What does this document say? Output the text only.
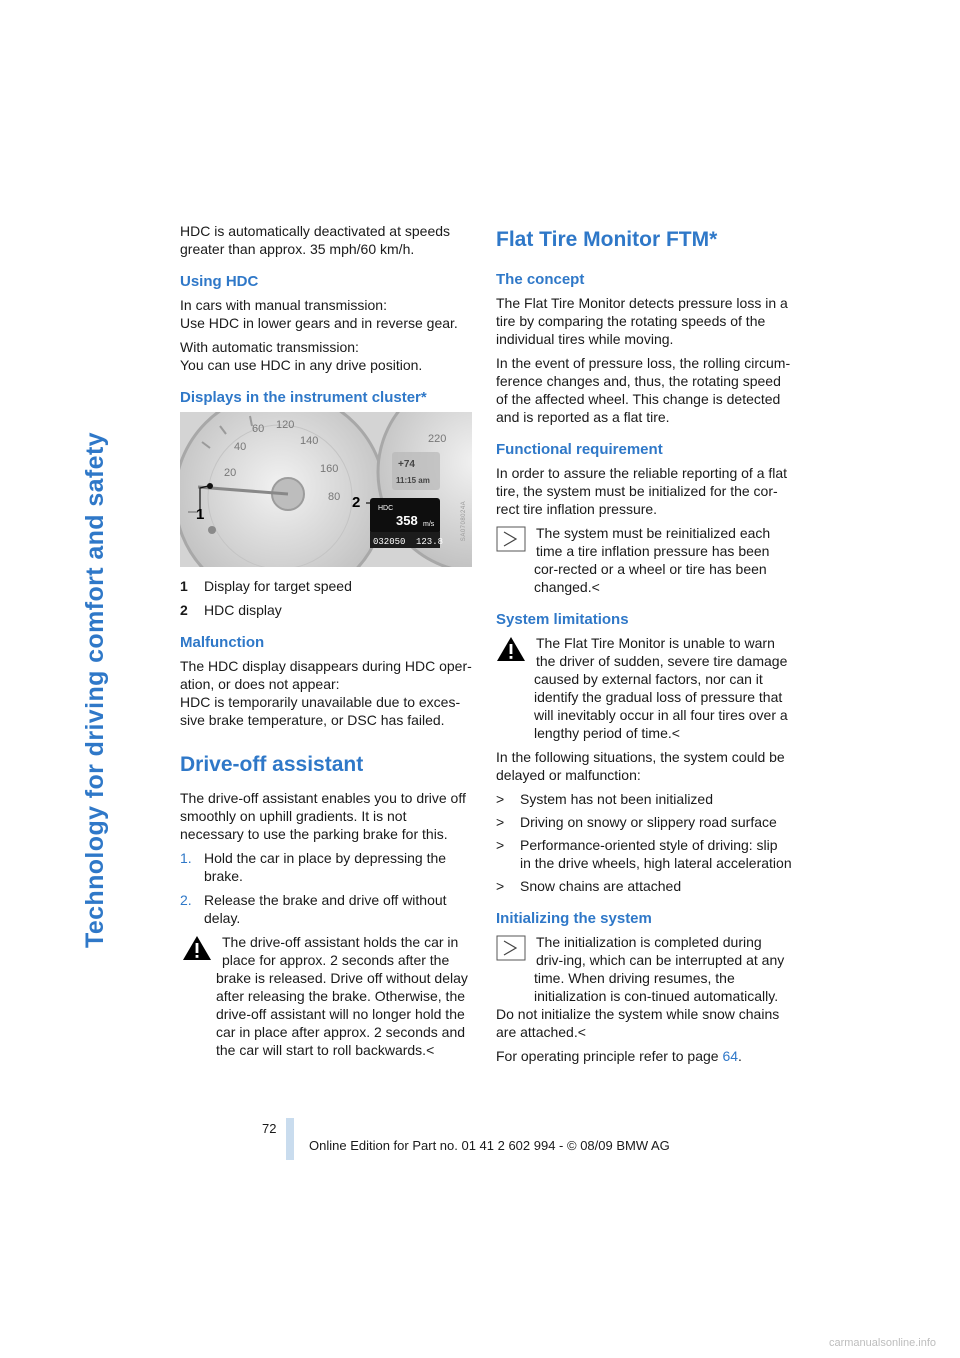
Technology for driving comfort and safety

HDC is automatically deactivated at speeds greater than approx. 35 mph/60 km/h.

Using HDC

In cars with manual transmission:
Use HDC in lower gears and in reverse gear.

With automatic transmission:
You can use HDC in any drive position.

Displays in the instrument cluster*
140
160
120
220
40
20
60
80
+74
11:15 am
HDC
358 m/s
032050 123.8
1
2	SA0708024A
1	Display for target speed
2	HDC display
Malfunction

The HDC display disappears during HDC oper-ation, or does not appear:
HDC is temporarily unavailable due to exces-sive brake temperature, or DSC has failed.

Drive-off assistant

The drive-off assistant enables you to drive off smoothly on uphill gradients. It is not necessary to use the parking brake for this.

1. Hold the car in place by depressing the brake.
2. Release the brake and drive off without delay.
The drive-off assistant holds the car in place for approx. 2 seconds after the brake is released. Drive off without delay after releasing the brake. Otherwise, the drive-off assistant will no longer hold the car in place after approx. 2 seconds and the car will start to roll backwards.<
Flat Tire Monitor FTM*
The concept

The Flat Tire Monitor detects pressure loss in a tire by comparing the rotating speeds of the individual tires while moving.

In the event of pressure loss, the rolling circum-ference changes and, thus, the rotating speed of the affected wheel. This change is detected and is reported as a flat tire.

Functional requirement

In order to assure the reliable reporting of a flat tire, the system must be initialized for the cor-rect tire inflation pressure.

The system must be reinitialized each time a tire inflation pressure has been cor-rected or a wheel or tire has been changed.<
System limitations
The Flat Tire Monitor is unable to warn the driver of sudden, severe tire damage caused by external factors, nor can it identify the gradual loss of pressure that will inevitably occur in all four tires over a lengthy period of time.<

In the following situations, the system could be delayed or malfunction:

>	System has not been initialized
>	Driving on snowy or slippery road surface
>	Performance-oriented style of driving: slip in the drive wheels, high lateral acceleration
>	Snow chains are attached
Initializing the system
The initialization is completed during driv-ing, which can be interrupted at any time. When driving resumes, the initialization is con-tinued automatically.
Do not initialize the system while snow chains are attached.<

For operating principle refer to page 64.

72
Online Edition for Part no. 01 41 2 602 994 - © 08/09 BMW AG
carmanualsonline.info
